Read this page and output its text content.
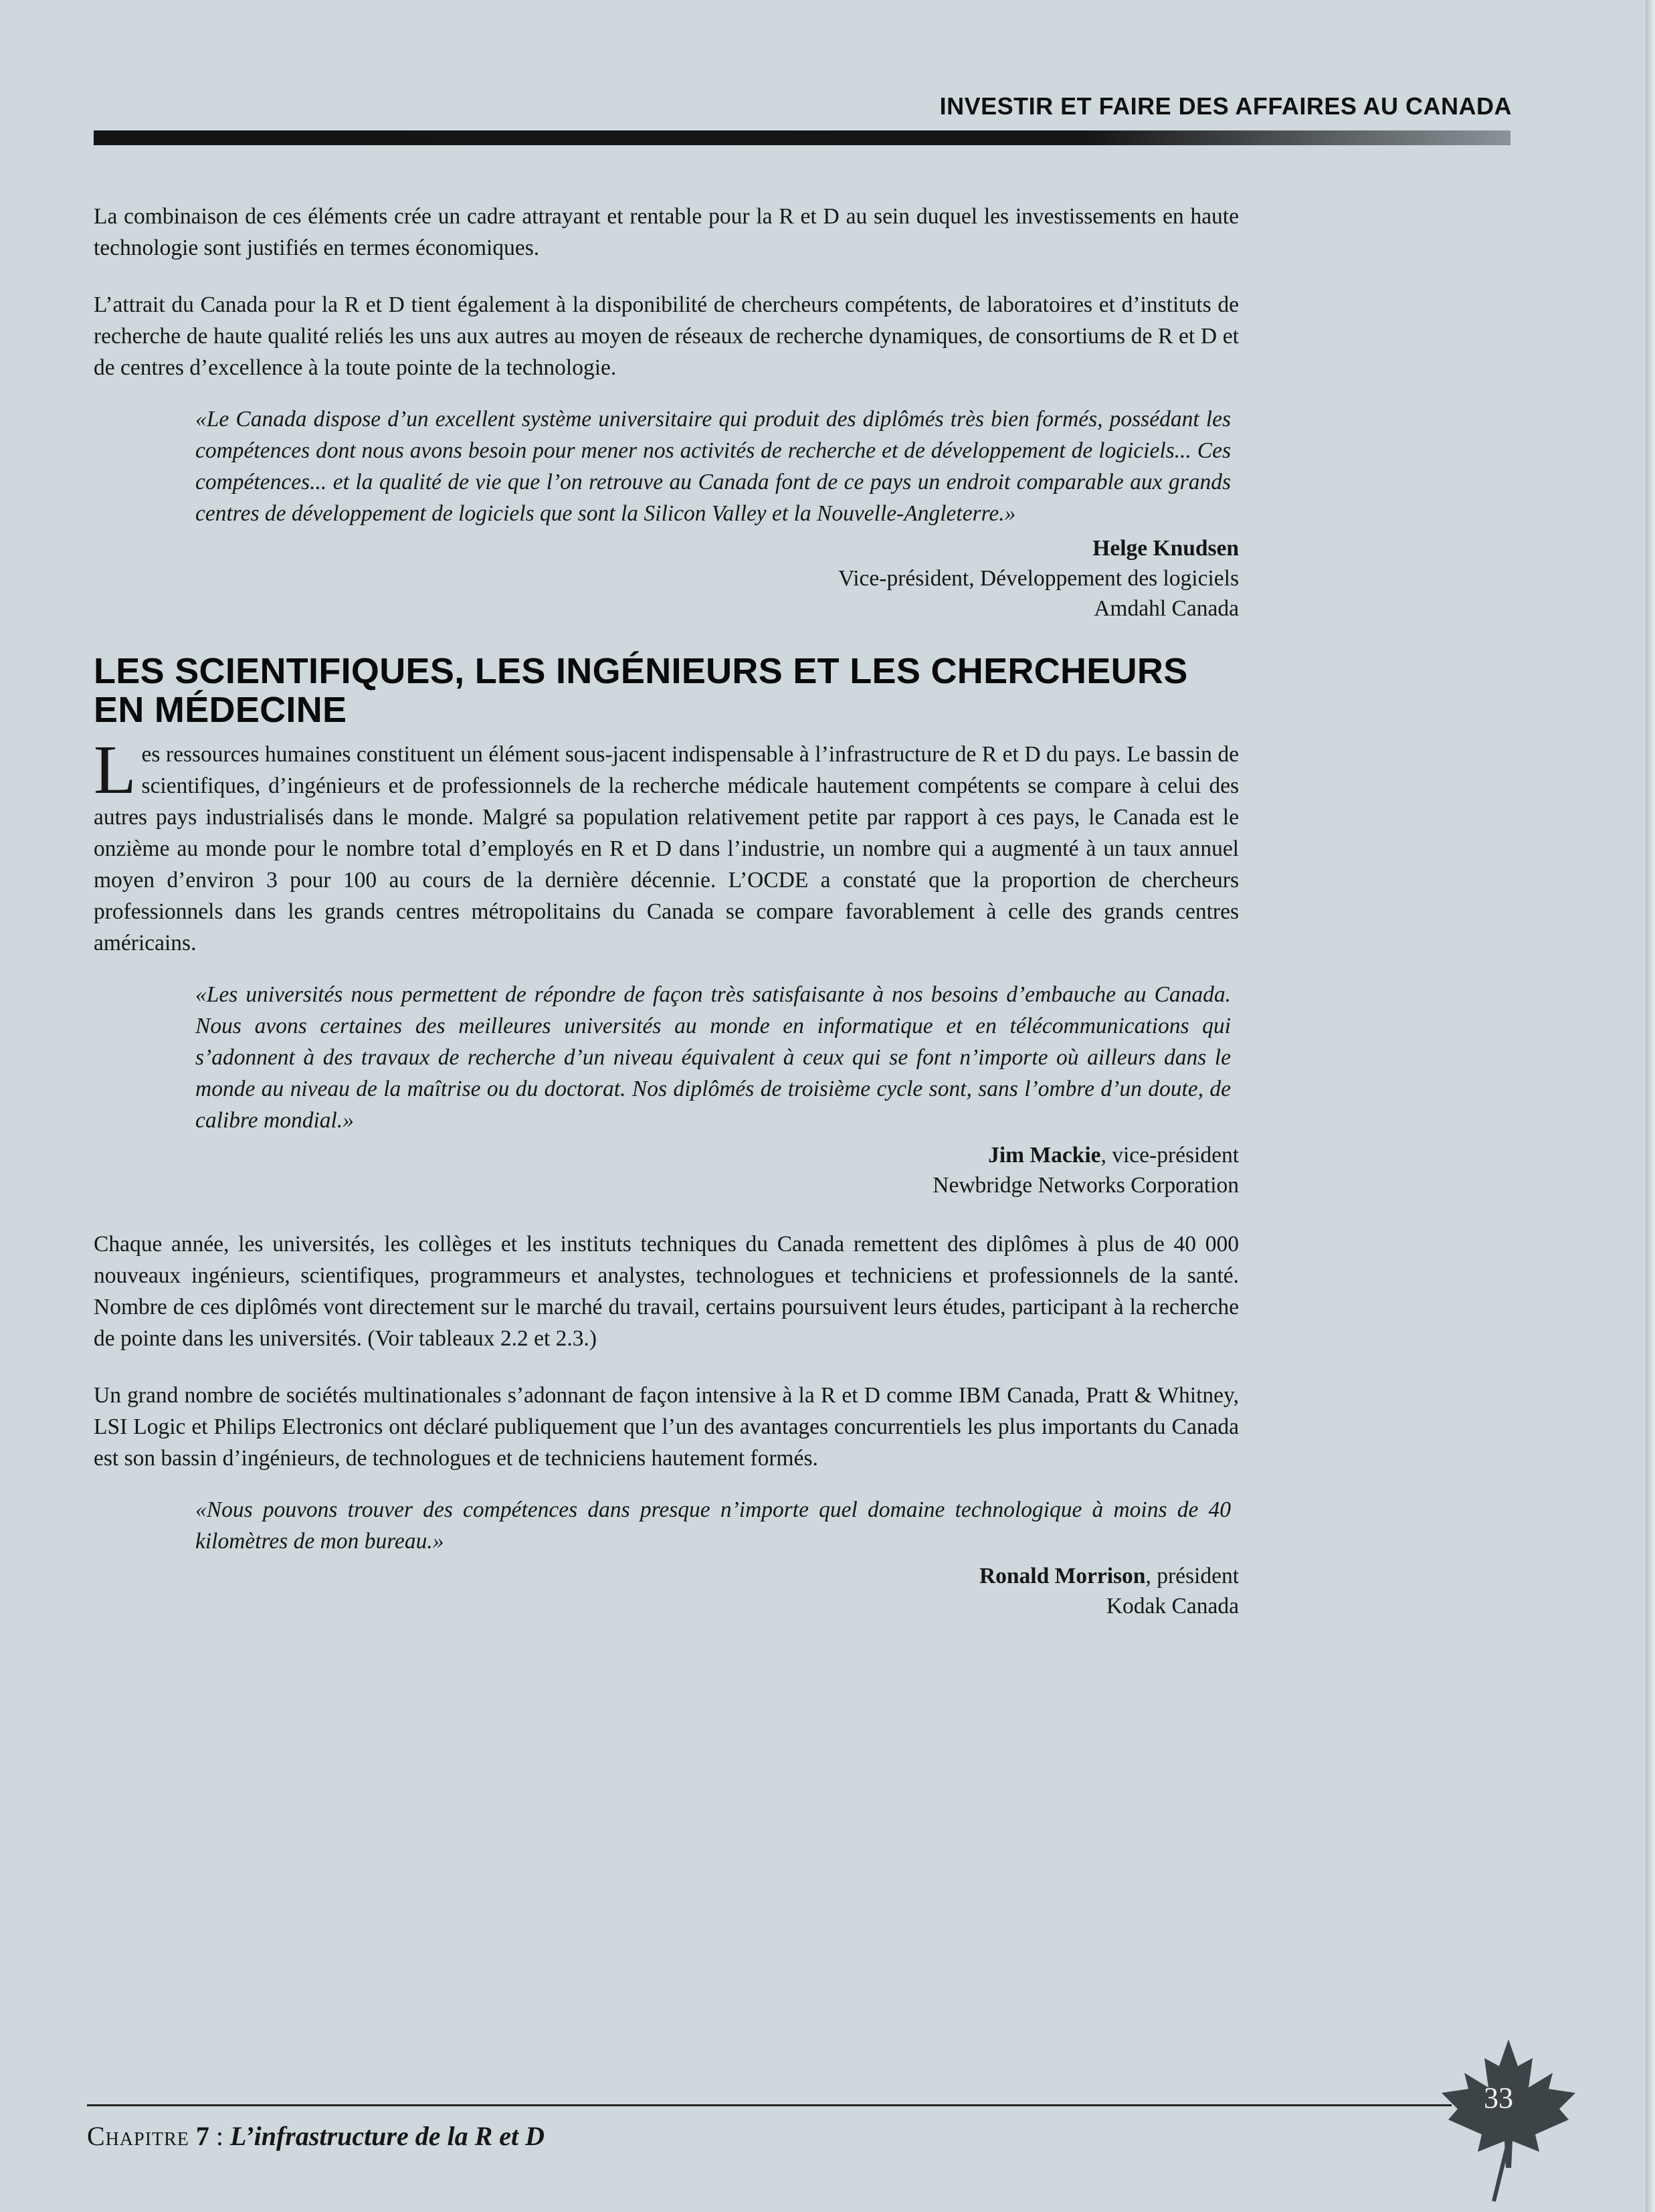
INVESTIR ET FAIRE DES AFFAIRES AU CANADA

La combinaison de ces éléments crée un cadre attrayant et rentable pour la R et D au sein duquel les investissements en haute technologie sont justifiés en termes économiques.

L’attrait du Canada pour la R et D tient également à la disponibilité de chercheurs compétents, de laboratoires et d’instituts de recherche de haute qualité reliés les uns aux autres au moyen de réseaux de recherche dynamiques, de consortiums de R et D et de centres d’excellence à la toute pointe de la technologie.

«Le Canada dispose d’un excellent système universitaire qui produit des diplômés très bien formés, possédant les compétences dont nous avons besoin pour mener nos activités de recherche et de développement de logiciels... Ces compétences... et la qualité de vie que l’on retrouve au Canada font de ce pays un endroit comparable aux grands centres de développement de logiciels que sont la Silicon Valley et la Nouvelle-Angleterre.»
Helge Knudsen
Vice-président, Développement des logiciels
Amdahl Canada
LES SCIENTIFIQUES, LES INGÉNIEURS ET LES CHERCHEURS EN MÉDECINE

Les ressources humaines constituent un élément sous-jacent indispensable à l’infrastructure de R et D du pays. Le bassin de scientifiques, d’ingénieurs et de professionnels de la recherche médicale hautement compétents se compare à celui des autres pays industrialisés dans le monde. Malgré sa population relativement petite par rapport à ces pays, le Canada est le onzième au monde pour le nombre total d’employés en R et D dans l’industrie, un nombre qui a augmenté à un taux annuel moyen d’environ 3 pour 100 au cours de la dernière décennie. L’OCDE a constaté que la proportion de chercheurs professionnels dans les grands centres métropolitains du Canada se compare favorablement à celle des grands centres américains.

«Les universités nous permettent de répondre de façon très satisfaisante à nos besoins d’embauche au Canada. Nous avons certaines des meilleures universités au monde en informatique et en télécommunications qui s’adonnent à des travaux de recherche d’un niveau équivalent à ceux qui se font n’importe où ailleurs dans le monde au niveau de la maîtrise ou du doctorat. Nos diplômés de troisième cycle sont, sans l’ombre d’un doute, de calibre mondial.»
Jim Mackie, vice-président
Newbridge Networks Corporation

Chaque année, les universités, les collèges et les instituts techniques du Canada remettent des diplômes à plus de 40 000 nouveaux ingénieurs, scientifiques, programmeurs et analystes, technologues et techniciens et professionnels de la santé. Nombre de ces diplômés vont directement sur le marché du travail, certains poursuivent leurs études, participant à la recherche de pointe dans les universités. (Voir tableaux 2.2 et 2.3.)

Un grand nombre de sociétés multinationales s’adonnant de façon intensive à la R et D comme IBM Canada, Pratt & Whitney, LSI Logic et Philips Electronics ont déclaré publiquement que l’un des avantages concurrentiels les plus importants du Canada est son bassin d’ingénieurs, de technologues et de techniciens hautement formés.

«Nous pouvons trouver des compétences dans presque n’importe quel domaine technologique à moins de 40 kilomètres de mon bureau.»
Ronald Morrison, président
Kodak Canada
Chapitre 7 : L’infrastructure de la R et D
33
